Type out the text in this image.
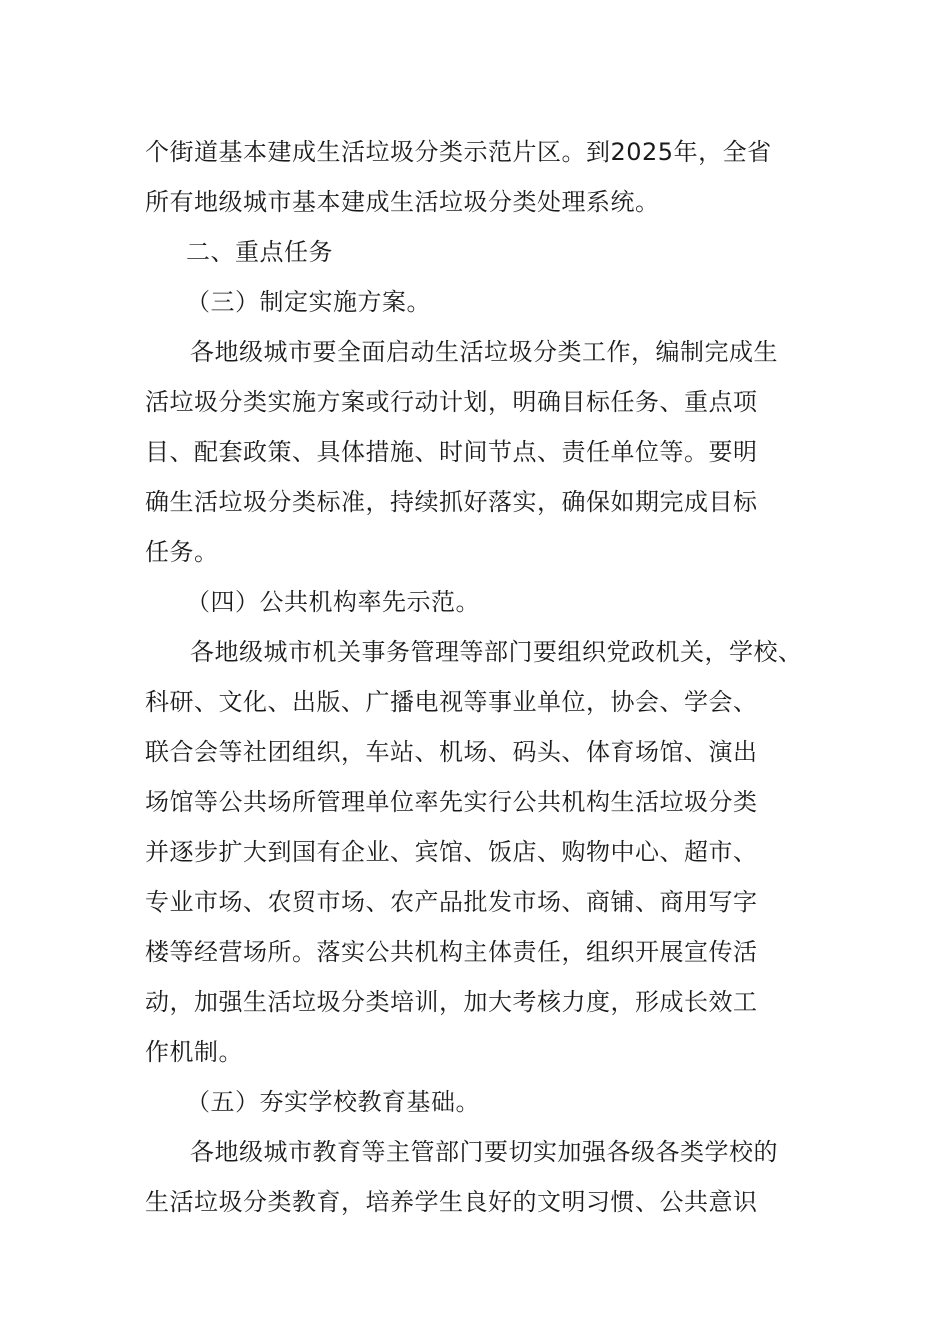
个街道基本建成生活垃圾分类示范片区。到2025年，全省
所有地级城市基本建成生活垃圾分类处理系统。
二、重点任务
（三）制定实施方案。
各地级城市要全面启动生活垃圾分类工作，编制完成生
活垃圾分类实施方案或行动计划，明确目标任务、重点项
目、配套政策、具体措施、时间节点、责任单位等。要明
确生活垃圾分类标准，持续抓好落实，确保如期完成目标
任务。
（四）公共机构率先示范。
各地级城市机关事务管理等部门要组织党政机关，学校、
科研、文化、出版、广播电视等事业单位，协会、学会、
联合会等社团组织，车站、机场、码头、体育场馆、演出
场馆等公共场所管理单位率先实行公共机构生活垃圾分类
并逐步扩大到国有企业、宾馆、饭店、购物中心、超市、
专业市场、农贸市场、农产品批发市场、商铺、商用写字
楼等经营场所。落实公共机构主体责任，组织开展宣传活
动，加强生活垃圾分类培训，加大考核力度，形成长效工
作机制。
（五）夯实学校教育基础。
各地级城市教育等主管部门要切实加强各级各类学校的
生活垃圾分类教育，培养学生良好的文明习惯、公共意识
